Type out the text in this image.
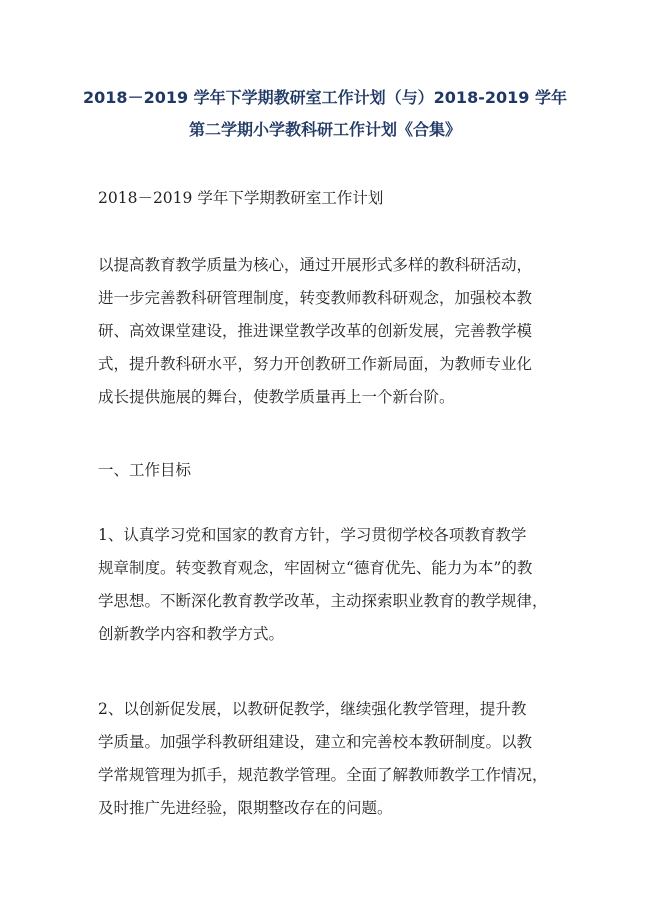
2018－2019 学年下学期教研室工作计划（与）2018-2019 学年
第二学期小学教科研工作计划《合集》
2018－2019 学年下学期教研室工作计划
以提高教育教学质量为核心，通过开展形式多样的教科研活动，
进一步完善教科研管理制度，转变教师教科研观念，加强校本教
研、高效课堂建设，推进课堂教学改革的创新发展，完善教学模
式，提升教科研水平，努力开创教研工作新局面，为教师专业化
成长提供施展的舞台，使教学质量再上一个新台阶。
一、工作目标
1、认真学习党和国家的教育方针，学习贯彻学校各项教育教学
规章制度。转变教育观念，牢固树立“德育优先、能力为本”的教
学思想。不断深化教育教学改革，主动探索职业教育的教学规律，
创新教学内容和教学方式。
2、以创新促发展，以教研促教学，继续强化教学管理，提升教
学质量。加强学科教研组建设，建立和完善校本教研制度。以教
学常规管理为抓手，规范教学管理。全面了解教师教学工作情况，
及时推广先进经验，限期整改存在的问题。
